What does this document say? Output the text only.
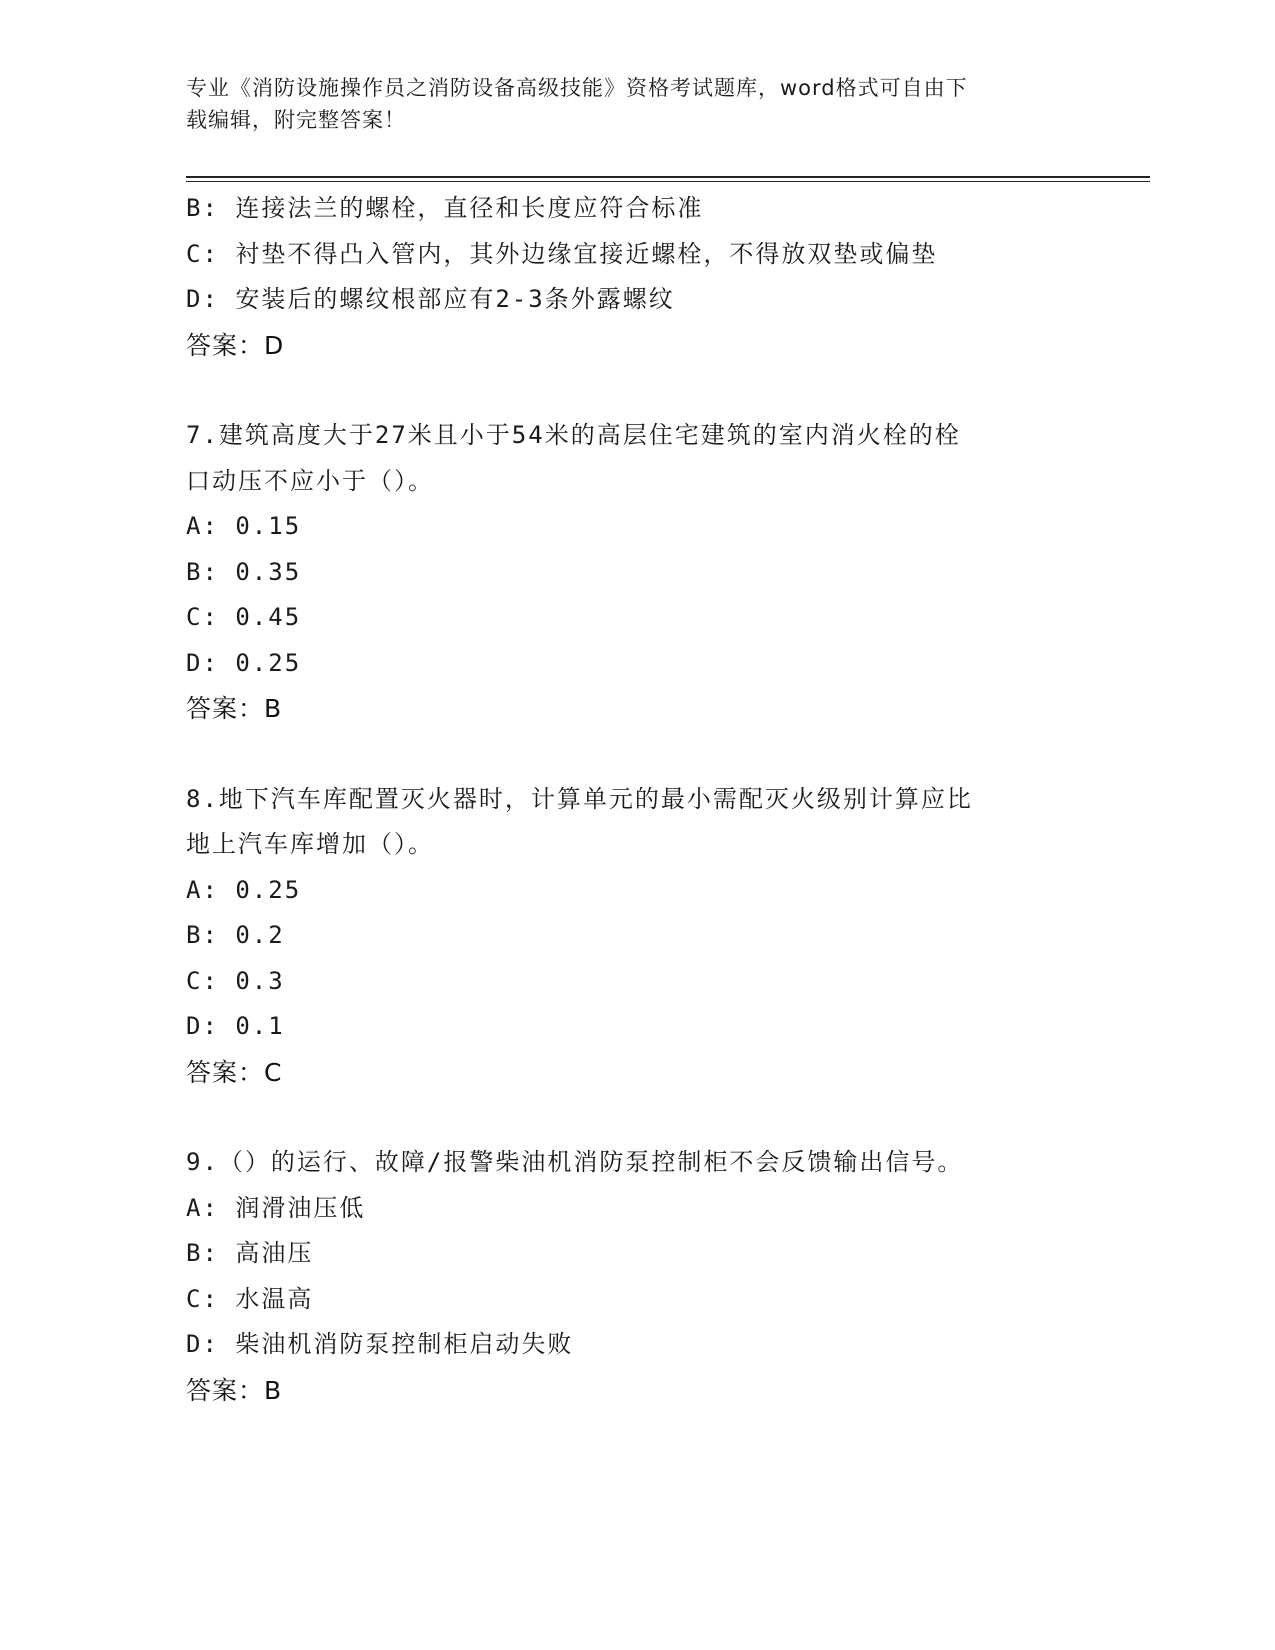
专业《消防设施操作员之消防设备高级技能》资格考试题库，word格式可自由下
载编辑，附完整答案！
B: 连接法兰的螺栓，直径和长度应符合标准
C: 衬垫不得凸入管内，其外边缘宜接近螺栓，不得放双垫或偏垫
D: 安装后的螺纹根部应有2-3条外露螺纹
答案：D
7.建筑高度大于27米且小于54米的高层住宅建筑的室内消火栓的栓
口动压不应小于（）。
A: 0.15
B: 0.35
C: 0.45
D: 0.25
答案：B
8.地下汽车库配置灭火器时，计算单元的最小需配灭火级别计算应比
地上汽车库增加（）。
A: 0.25
B: 0.2
C: 0.3
D: 0.1
答案：C
9.（）的运行、故障/报警柴油机消防泵控制柜不会反馈输出信号。
A: 润滑油压低
B: 高油压
C: 水温高
D: 柴油机消防泵控制柜启动失败
答案：B
